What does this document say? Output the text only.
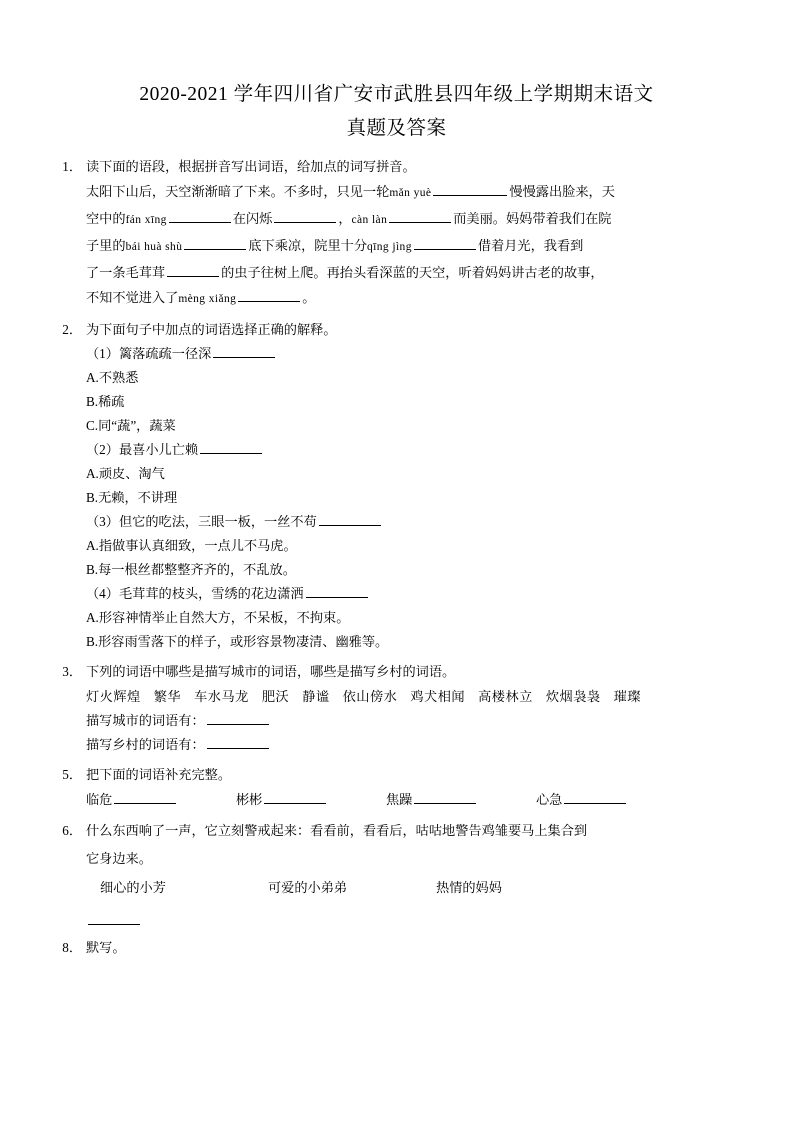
2020-2021 学年四川省广安市武胜县四年级上学期期末语文
真题及答案
1． 读下面的语段，根据拼音写出词语，给加点的词写拼音。
太阳下山后，天空渐渐暗了下来。不多时，只见一轮mǎn yuè	慢慢露出脸来，天
空中的fán xīng	在闪烁	，càn làn	而美丽。妈妈带着我们在院
子里的bái huà shù	底下乘凉，院里十分qīng jìng	借着月光，我看到
了一条毛茸茸	的虫子往树上爬。再抬头看深蓝的天空，听着妈妈讲古老的故事，
不知不觉进入了mèng xiǎng	。
2． 为下面句子中加点的词语选择正确的解释。
（1）篱落疏疏一径深
A.不熟悉
B.稀疏
C.同“蔬”，蔬菜
（2）最喜小儿亡赖
A.顽皮、淘气
B.无赖，不讲理
（3）但它的吃法，三眼一板，一丝不苟
A.指做事认真细致，一点儿不马虎。
B.每一根丝都整整齐齐的，不乱放。
（4）毛茸茸的枝头，雪绣的花边潇洒
A.形容神情举止自然大方，不呆板，不拘束。
B.形容雨雪落下的样子，或形容景物凄清、幽雅等。
3． 下列的词语中哪些是描写城市的词语，哪些是描写乡村的词语。
灯火辉煌 繁华 车水马龙 肥沃 静谧 依山傍水 鸡犬相闻 高楼林立 炊烟袅袅 璀璨
描写城市的词语有：
描写乡村的词语有：
5． 把下面的词语补充完整。
临危	彬彬	焦躁	心急
6． 什么东西响了一声，它立刻警戒起来：看看前，看看后，咕咕地警告鸡雏要马上集合到
它身边来。
细心的小芳	可爱的小弟弟	热情的妈妈
8． 默写。
